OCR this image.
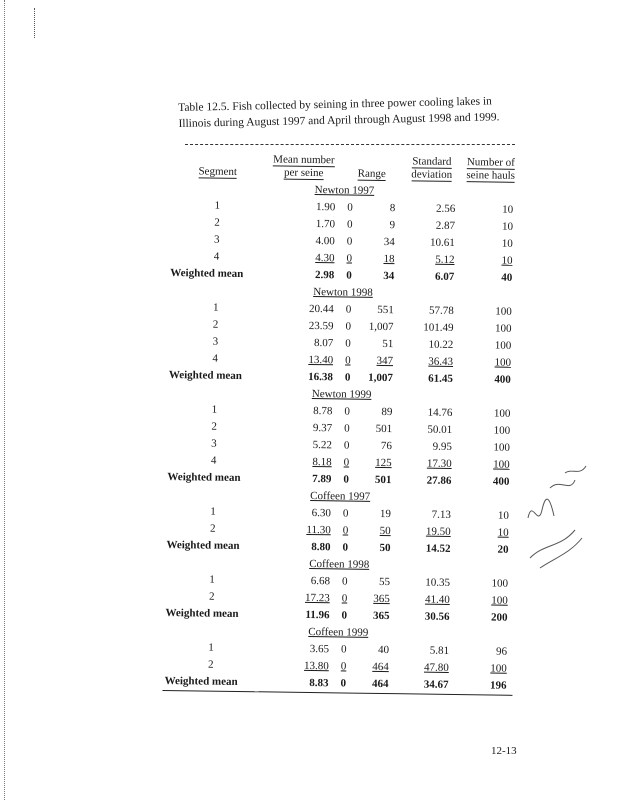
Table 12.5. Fish collected by seining in three power cooling lakes in
Illinois during August 1997 and April through August 1998 and 1999.
Segment	Mean number per seine	Range		Standard deviation	Number of seine hauls
Newton 1997					
1	1.90	0	8	2.56	10
2	1.70	0	9	2.87	10
3	4.00	0	34	10.61	10
4	4.30	0	18	5.12	10
Weighted mean	2.98	0	34	6.07	40
Newton 1998					
1	20.44	0	551	57.78	100
2	23.59	0	1,007	101.49	100
3	8.07	0	51	10.22	100
4	13.40	0	347	36.43	100
Weighted mean	16.38	0	1,007	61.45	400
Newton 1999					
1	8.78	0	89	14.76	100
2	9.37	0	501	50.01	100
3	5.22	0	76	9.95	100
4	8.18	0	125	17.30	100
Weighted mean	7.89	0	501	27.86	400
Coffeen 1997					
1	6.30	0	19	7.13	10
2	11.30	0	50	19.50	10
Weighted mean	8.80	0	50	14.52	20
Coffeen 1998					
1	6.68	0	55	10.35	100
2	17.23	0	365	41.40	100
Weighted mean	11.96	0	365	30.56	200
Coffeen 1999					
1	3.65	0	40	5.81	96
2	13.80	0	464	47.80	100
Weighted mean	8.83	0	464	34.67	196
12-13
